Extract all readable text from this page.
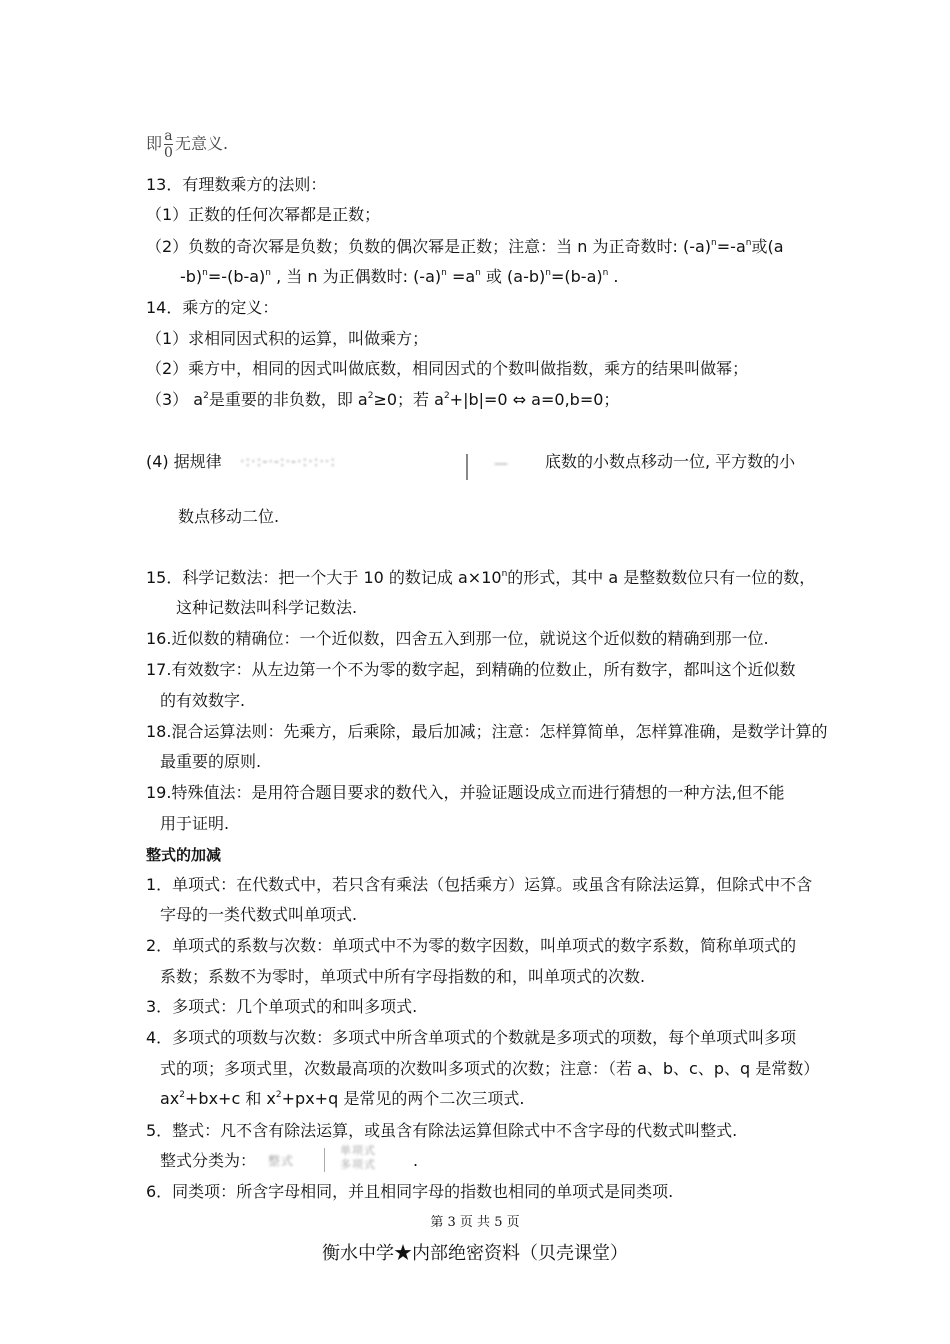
即 $\frac{a}{0}$ 无意义.
13．有理数乘方的法则：
（1）正数的任何次幂都是正数；
（2）负数的奇次幂是负数；负数的偶次幂是正数；注意：当 n 为正奇数时: $(-a)^n=-a^n$或(a
$-b)^n=-(b-a)^n$ , 当 n 为正偶数时: $(-a)^n =a^n$ 或 $(a-b)^n=(b-a)^n$ .
14．乘方的定义：
（1）求相同因式积的运算，叫做乘方；
（2）乘方中，相同的因式叫做底数，相同因式的个数叫做指数，乘方的结果叫做幂；
（3） $a^2$是重要的非负数，即 $a^2\ge 0$；若 $a^2+|b|=0$ ⇔ a=0,b=0；
(4) 据规律 ·:·:-·-:·-·:·:··:	— 底数的小数点移动一位, 平方数的小
数点移动二位.
15．科学记数法：把一个大于 10 的数记成 $a\times 10^n$的形式，其中 a 是整数数位只有一位的数，
这种记数法叫科学记数法.
16.近似数的精确位：一个近似数，四舍五入到那一位，就说这个近似数的精确到那一位.
17.有效数字：从左边第一个不为零的数字起，到精确的位数止，所有数字，都叫这个近似数
的有效数字.
18.混合运算法则：先乘方，后乘除，最后加减；注意：怎样算简单，怎样算准确，是数学计算的
最重要的原则.
19.特殊值法：是用符合题目要求的数代入，并验证题设成立而进行猜想的一种方法,但不能
用于证明.
整式的加减
1．单项式：在代数式中，若只含有乘法（包括乘方）运算。或虽含有除法运算，但除式中不含
字母的一类代数式叫单项式.
2．单项式的系数与次数：单项式中不为零的数字因数，叫单项式的数字系数，简称单项式的
系数；系数不为零时，单项式中所有字母指数的和，叫单项式的次数.
3．多项式：几个单项式的和叫多项式.
4．多项式的项数与次数：多项式中所含单项式的个数就是多项式的项数，每个单项式叫多项
式的项；多项式里，次数最高项的次数叫多项式的次数；注意：（若 a、b、c、p、q 是常数）
$ax^2+bx+c$ 和 $x^2+px+q$ 是常见的两个二次三项式.
5．整式：凡不含有除法运算，或虽含有除法运算但除式中不含字母的代数式叫整式.
整式分类为： 整式
单项式
多项式 .
6．同类项：所含字母相同，并且相同字母的指数也相同的单项式是同类项.
第 3 页 共 5 页
衡水中学★内部绝密资料（贝壳课堂）
